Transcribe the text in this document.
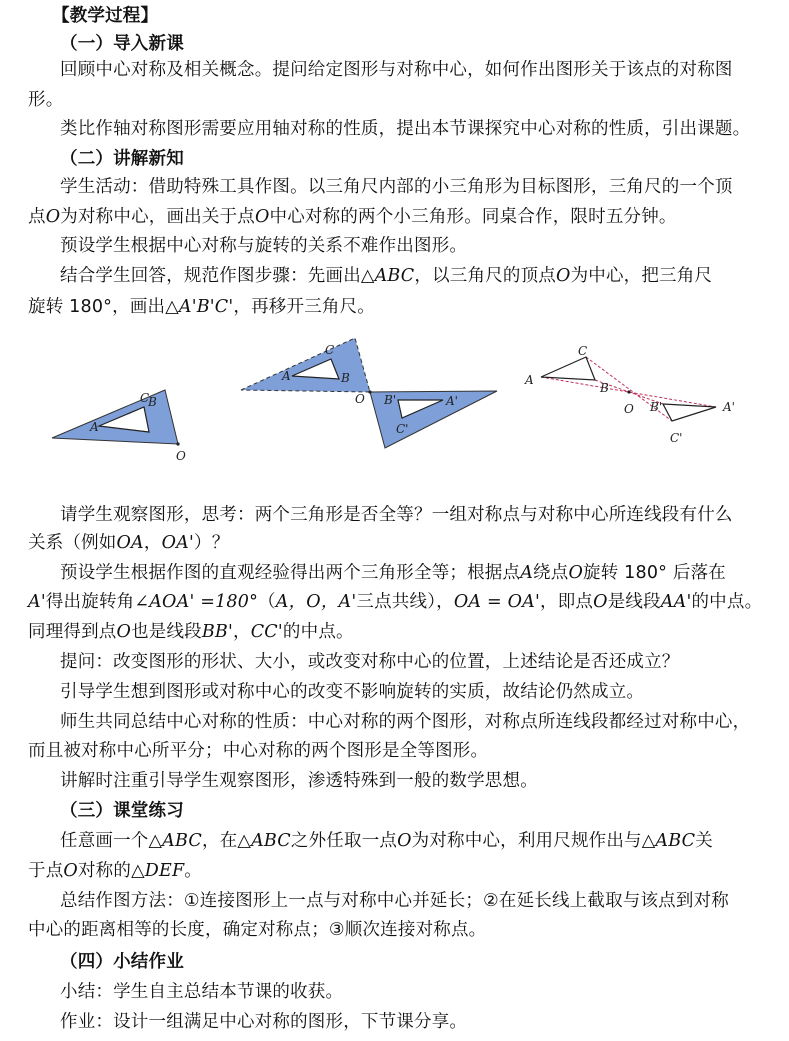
【教学过程】
（一）导入新课
回顾中心对称及相关概念。提问给定图形与对称中心，如何作出图形关于该点的对称图
形。
类比作轴对称图形需要应用轴对称的性质，提出本节课探究中心对称的性质，引出课题。
（二）讲解新知
学生活动：借助特殊工具作图。以三角尺内部的小三角形为目标图形，三角尺的一个顶
点O为对称中心，画出关于点O中心对称的两个小三角形。同桌合作，限时五分钟。
预设学生根据中心对称与旋转的关系不难作出图形。
结合学生回答，规范作图步骤：先画出△ABC，以三角尺的顶点O为中心，把三角尺
旋转 180°，画出△A'B'C'，再移开三角尺。
A
B
C
O
A	B
C
O B'	A'
C'
A
B
C
O B'	A'
C'
请学生观察图形，思考：两个三角形是否全等？一组对称点与对称中心所连线段有什么
关系（例如OA，OA'）？
预设学生根据作图的直观经验得出两个三角形全等；根据点A绕点O旋转 180° 后落在
A'得出旋转角∠AOA' =180°（A，O，A'三点共线），OA = OA'，即点O是线段AA'的中点。
同理得到点O也是线段BB'，CC'的中点。
提问：改变图形的形状、大小，或改变对称中心的位置，上述结论是否还成立？
引导学生想到图形或对称中心的改变不影响旋转的实质，故结论仍然成立。
师生共同总结中心对称的性质：中心对称的两个图形，对称点所连线段都经过对称中心，
而且被对称中心所平分；中心对称的两个图形是全等图形。
讲解时注重引导学生观察图形，渗透特殊到一般的数学思想。
（三）课堂练习
任意画一个△ABC，在△ABC之外任取一点O为对称中心，利用尺规作出与△ABC关
于点O对称的△DEF。
总结作图方法：①连接图形上一点与对称中心并延长；②在延长线上截取与该点到对称
中心的距离相等的长度，确定对称点；③顺次连接对称点。
（四）小结作业
小结：学生自主总结本节课的收获。
作业：设计一组满足中心对称的图形，下节课分享。
